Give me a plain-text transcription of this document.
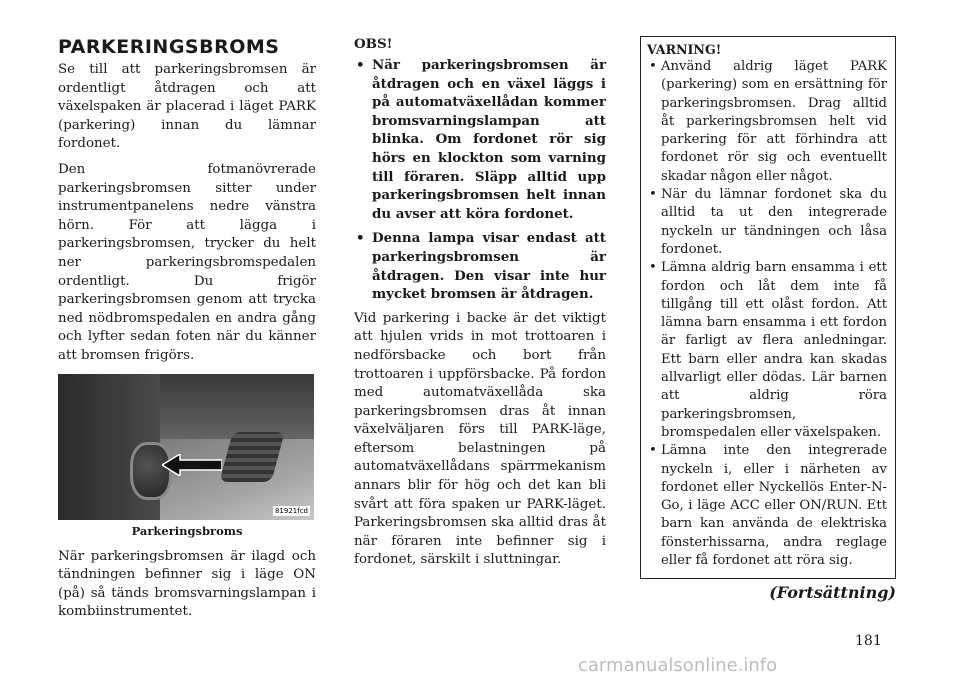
PARKERINGSBROMS

Se till att parkeringsbromsen är ordentligt åtdragen och att växelspaken är placerad i läget PARK (parkering) innan du lämnar fordonet.

Den fotmanövrerade parkeringsbromsen sitter under instrumentpanelens nedre vänstra hörn. För att lägga i parkeringsbromsen, trycker du helt ner parkeringsbromspedalen ordentligt. Du frigör parkeringsbromsen genom att trycka ned nödbromspedalen en andra gång och lyfter sedan foten när du känner att bromsen frigörs.

81921fcd
Parkeringsbroms

När parkeringsbromsen är ilagd och tändningen befinner sig i läge ON (på) så tänds bromsvarningslampan i kombiinstrumentet.

OBS!
• När parkeringsbromsen är åtdragen och en växel läggs i på automatväxellådan kommer bromsvarningslampan att blinka. Om fordonet rör sig hörs en klockton som varning till föraren. Släpp alltid upp parkeringsbromsen helt innan du avser att köra fordonet.
• Denna lampa visar endast att parkeringsbromsen är åtdragen. Den visar inte hur mycket bromsen är åtdragen.

Vid parkering i backe är det viktigt att hjulen vrids in mot trottoaren i nedförsbacke och bort från trottoaren i uppförsbacke. På fordon med automatväxellåda ska parkeringsbromsen dras åt innan växelväljaren förs till PARK-läge, eftersom belastningen på automatväxellådans spärrmekanism annars blir för hög och det kan bli svårt att föra spaken ur PARK-läget. Parkeringsbromsen ska alltid dras åt när föraren inte befinner sig i fordonet, särskilt i sluttningar.

VARNING!
• Använd aldrig läget PARK (parkering) som en ersättning för parkeringsbromsen. Drag alltid åt parkeringsbromsen helt vid parkering för att förhindra att fordonet rör sig och eventuellt skadar någon eller något.
• När du lämnar fordonet ska du alltid ta ut den integrerade nyckeln ur tändningen och låsa fordonet.
• Lämna aldrig barn ensamma i ett fordon och låt dem inte få tillgång till ett olåst fordon. Att lämna barn ensamma i ett fordon är farligt av flera anledningar. Ett barn eller andra kan skadas allvarligt eller dödas. Lär barnen att aldrig röra parkeringsbromsen, bromspedalen eller växelspaken.
• Lämna inte den integrerade nyckeln i, eller i närheten av fordonet eller Nyckellös Enter-N-Go, i läge ACC eller ON/RUN. Ett barn kan använda de elektriska fönsterhissarna, andra reglage eller få fordonet att röra sig.
(Fortsättning)
181
carmanualsonline.info
